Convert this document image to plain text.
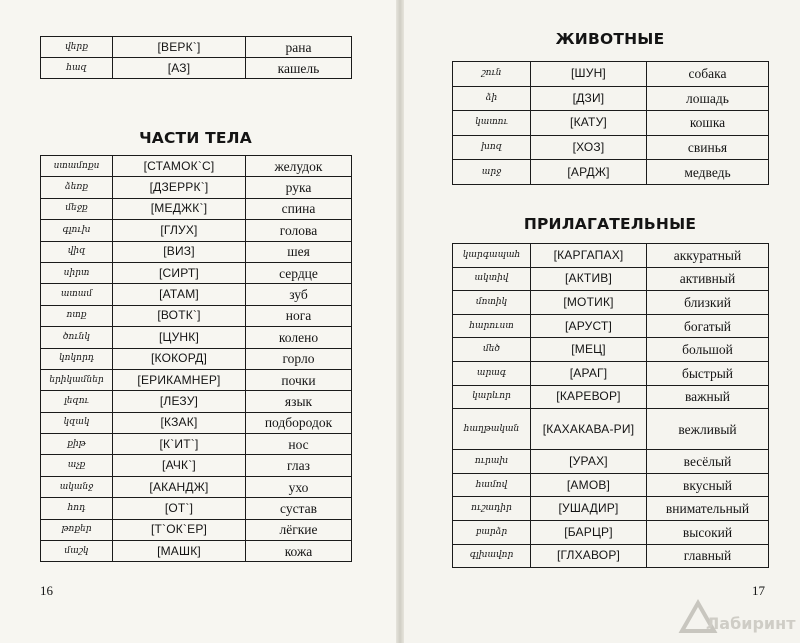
վերք	[ВЕРК`]	рана
հազ	[АЗ]	кашель
ЧАСТИ ТЕЛА
ստամոքս	[СТАМОК`С]	желудок
ձեռք	[ДЗЕРРК`]	рука
մեջք	[МЕДЖК`]	спина
գլուխ	[ГЛУХ]	голова
վիզ	[ВИЗ]	шея
սիրտ	[СИРТ]	сердце
ատամ	[АТАМ]	зуб
ոտք	[ВОТК`]	нога
ծունկ	[ЦУНК]	колено
կոկորդ	[КОКОРД]	горло
երիկամներ	[ЕРИКАМНЕР]	почки
լեզու	[ЛЕЗУ]	язык
կզակ	[КЗАК]	подбородок
քիթ	[К`ИТ`]	нос
աչք	[АЧК`]	глаз
ականջ	[АКАНДЖ]	ухо
հոդ	[ОТ`]	сустав
թոքեր	[Т`ОК`ЕР]	лёгкие
մաշկ	[МАШК]	кожа
16
ЖИВОТНЫЕ
շուն	[ШУН]	собака
ձի	[ДЗИ]	лошадь
կատու	[КАТУ]	кошка
խոզ	[ХОЗ]	свинья
արջ	[АРДЖ]	медведь
ПРИЛАГАТЕЛЬНЫЕ
կարգապահ	[КАРГАПАХ]	аккуратный
ակտիվ	[АКТИВ]	активный
մոտիկ	[МОТИК]	близкий
հարուստ	[АРУСТ]	богатый
մեծ	[МЕЦ]	большой
արագ	[АРАГ]	быстрый
կարևոր	[КАРЕВОР]	важный
հաղթական	[КАХАКАВА-РИ]	вежливый
ուրախ	[УРАХ]	весёлый
համով	[АМОВ]	вкусный
ուշադիր	[УШАДИР]	внимательный
բարձր	[БАРЦР]	высокий
գլխավոր	[ГЛХАВОР]	главный
17
Лабиринт
